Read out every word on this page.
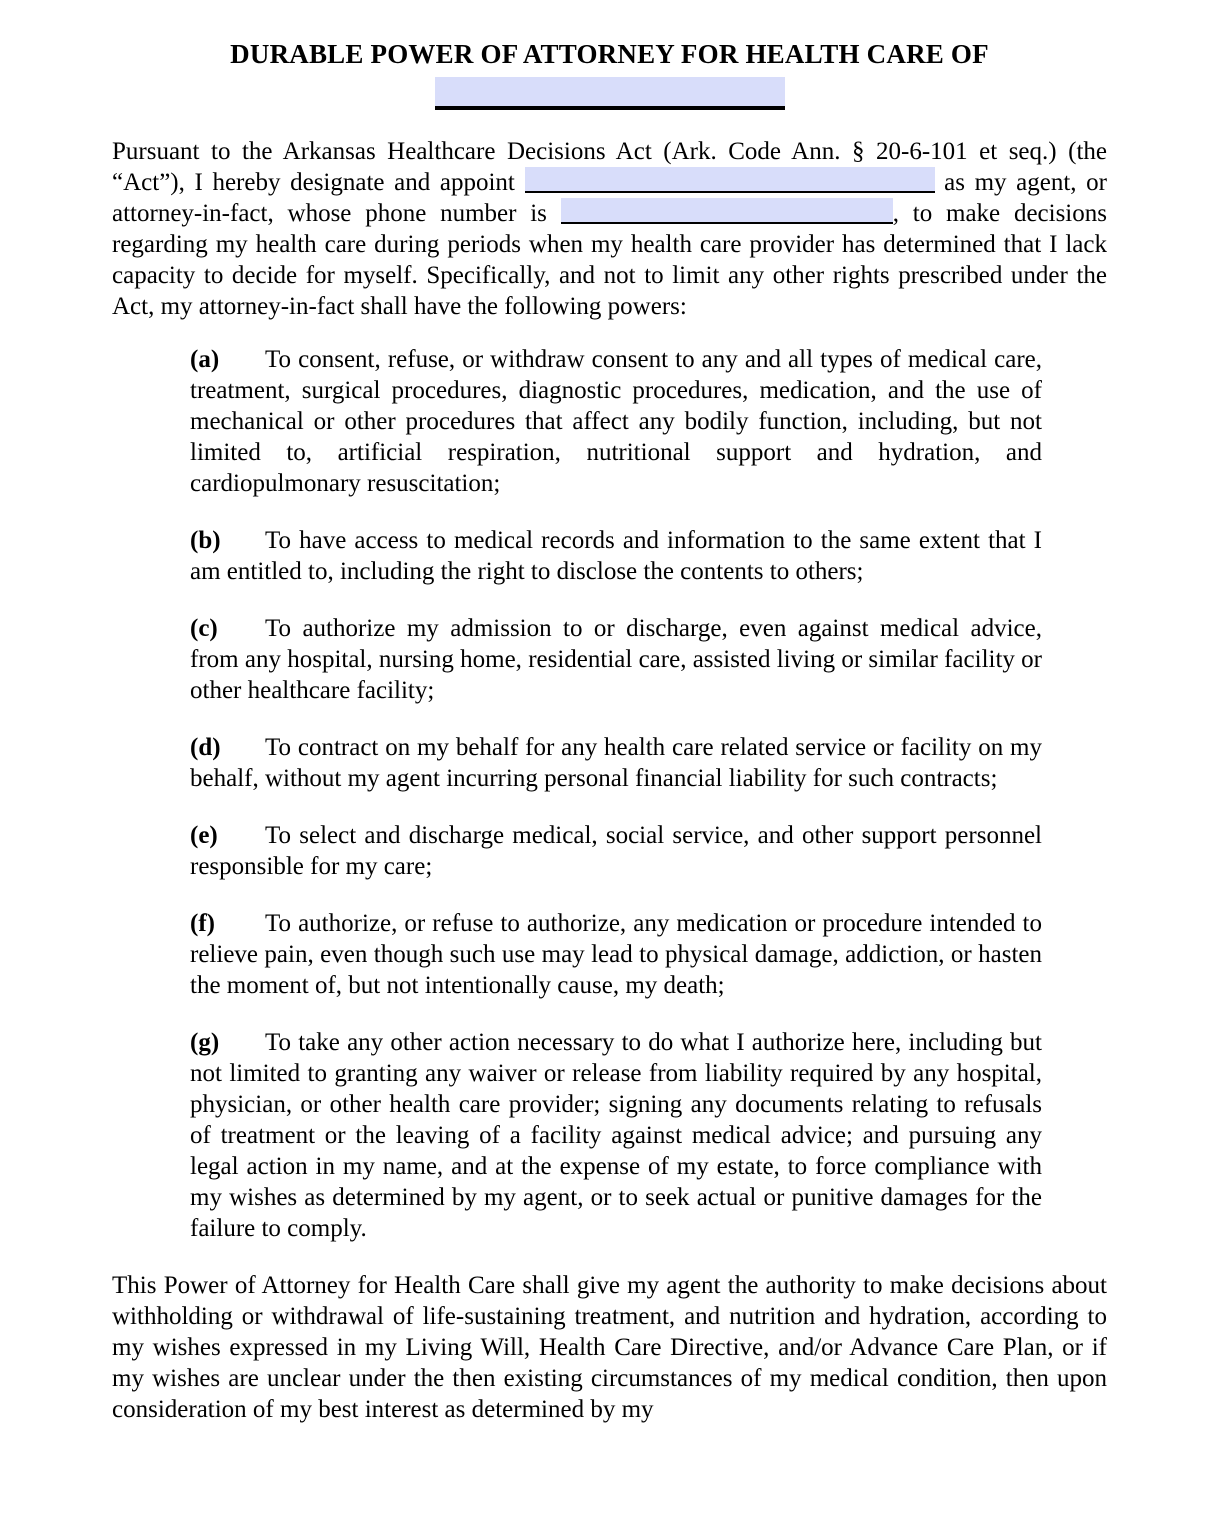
DURABLE POWER OF ATTORNEY FOR HEALTH CARE OF

Pursuant to the Arkansas Healthcare Decisions Act (Ark. Code Ann. § 20-6-101 et seq.) (the “Act”), I hereby designate and appoint	as my agent, or attorney-in-fact, whose phone number is	, to make decisions regarding my health care during periods when my health care provider has determined that I lack capacity to decide for myself. Specifically, and not to limit any other rights prescribed under the Act, my attorney-in-fact shall have the following powers:

(a) To consent, refuse, or withdraw consent to any and all types of medical care, treatment, surgical procedures, diagnostic procedures, medication, and the use of mechanical or other procedures that affect any bodily function, including, but not limited to, artificial respiration, nutritional support and hydration, and cardiopulmonary resuscitation;
(b) To have access to medical records and information to the same extent that I am entitled to, including the right to disclose the contents to others;
(c) To authorize my admission to or discharge, even against medical advice, from any hospital, nursing home, residential care, assisted living or similar facility or other healthcare facility;
(d) To contract on my behalf for any health care related service or facility on my behalf, without my agent incurring personal financial liability for such contracts;
(e) To select and discharge medical, social service, and other support personnel responsible for my care;
(f) To authorize, or refuse to authorize, any medication or procedure intended to relieve pain, even though such use may lead to physical damage, addiction, or hasten the moment of, but not intentionally cause, my death;
(g) To take any other action necessary to do what I authorize here, including but not limited to granting any waiver or release from liability required by any hospital, physician, or other health care provider; signing any documents relating to refusals of treatment or the leaving of a facility against medical advice; and pursuing any legal action in my name, and at the expense of my estate, to force compliance with my wishes as determined by my agent, or to seek actual or punitive damages for the failure to comply.

This Power of Attorney for Health Care shall give my agent the authority to make decisions about withholding or withdrawal of life-sustaining treatment, and nutrition and hydration, according to my wishes expressed in my Living Will, Health Care Directive, and/or Advance Care Plan, or if my wishes are unclear under the then existing circumstances of my medical condition, then upon consideration of my best interest as determined by my
